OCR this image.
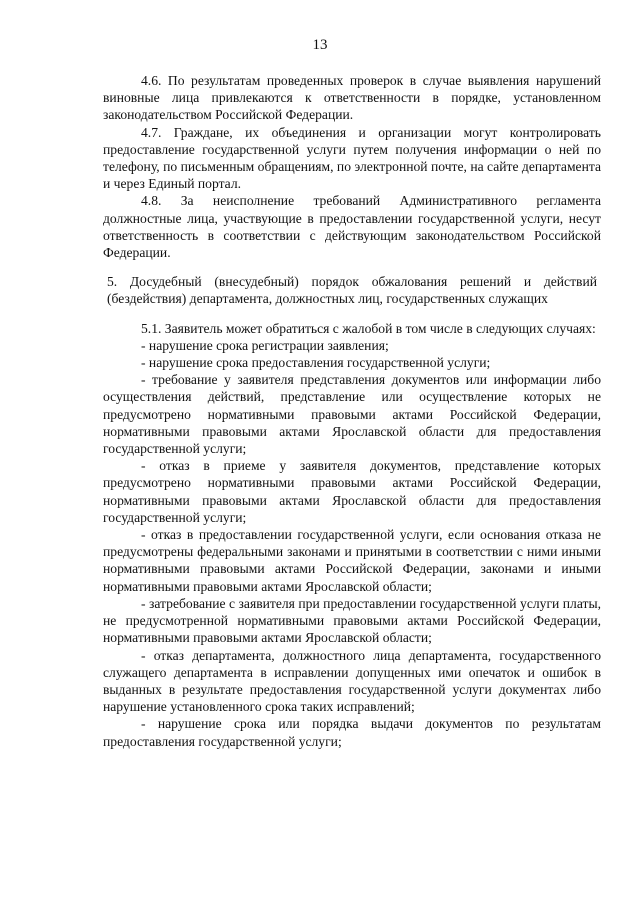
13

4.6. По результатам проведенных проверок в случае выявления нарушений виновные лица привлекаются к ответственности в порядке, установленном законодательством Российской Федерации.

4.7. Граждане, их объединения и организации могут контролировать предоставление государственной услуги путем получения информации о ней по телефону, по письменным обращениям, по электронной почте, на сайте департамента и через Единый портал.

4.8. За неисполнение требований Административного регламента должностные лица, участвующие в предоставлении государственной услуги, несут ответственность в соответствии с действующим законодательством Российской Федерации.

5. Досудебный (внесудебный) порядок обжалования решений и действий (бездействия) департамента, должностных лиц, государственных служащих

5.1. Заявитель может обратиться с жалобой в том числе в следующих случаях:

- нарушение срока регистрации заявления;

- нарушение срока предоставления государственной услуги;

- требование у заявителя представления документов или информации либо осуществления действий, представление или осуществление которых не предусмотрено нормативными правовыми актами Российской Федерации, нормативными правовыми актами Ярославской области для предоставления государственной услуги;

- отказ в приеме у заявителя документов, представление которых предусмотрено нормативными правовыми актами Российской Федерации, нормативными правовыми актами Ярославской области для предоставления государственной услуги;

- отказ в предоставлении государственной услуги, если основания отказа не предусмотрены федеральными законами и принятыми в соответствии с ними иными нормативными правовыми актами Российской Федерации, законами и иными нормативными правовыми актами Ярославской области;

- затребование с заявителя при предоставлении государственной услуги платы, не предусмотренной нормативными правовыми актами Российской Федерации, нормативными правовыми актами Ярославской области;

- отказ департамента, должностного лица департамента, государственного служащего департамента в исправлении допущенных ими опечаток и ошибок в выданных в результате предоставления государственной услуги документах либо нарушение установленного срока таких исправлений;

- нарушение срока или порядка выдачи документов по результатам предоставления государственной услуги;
